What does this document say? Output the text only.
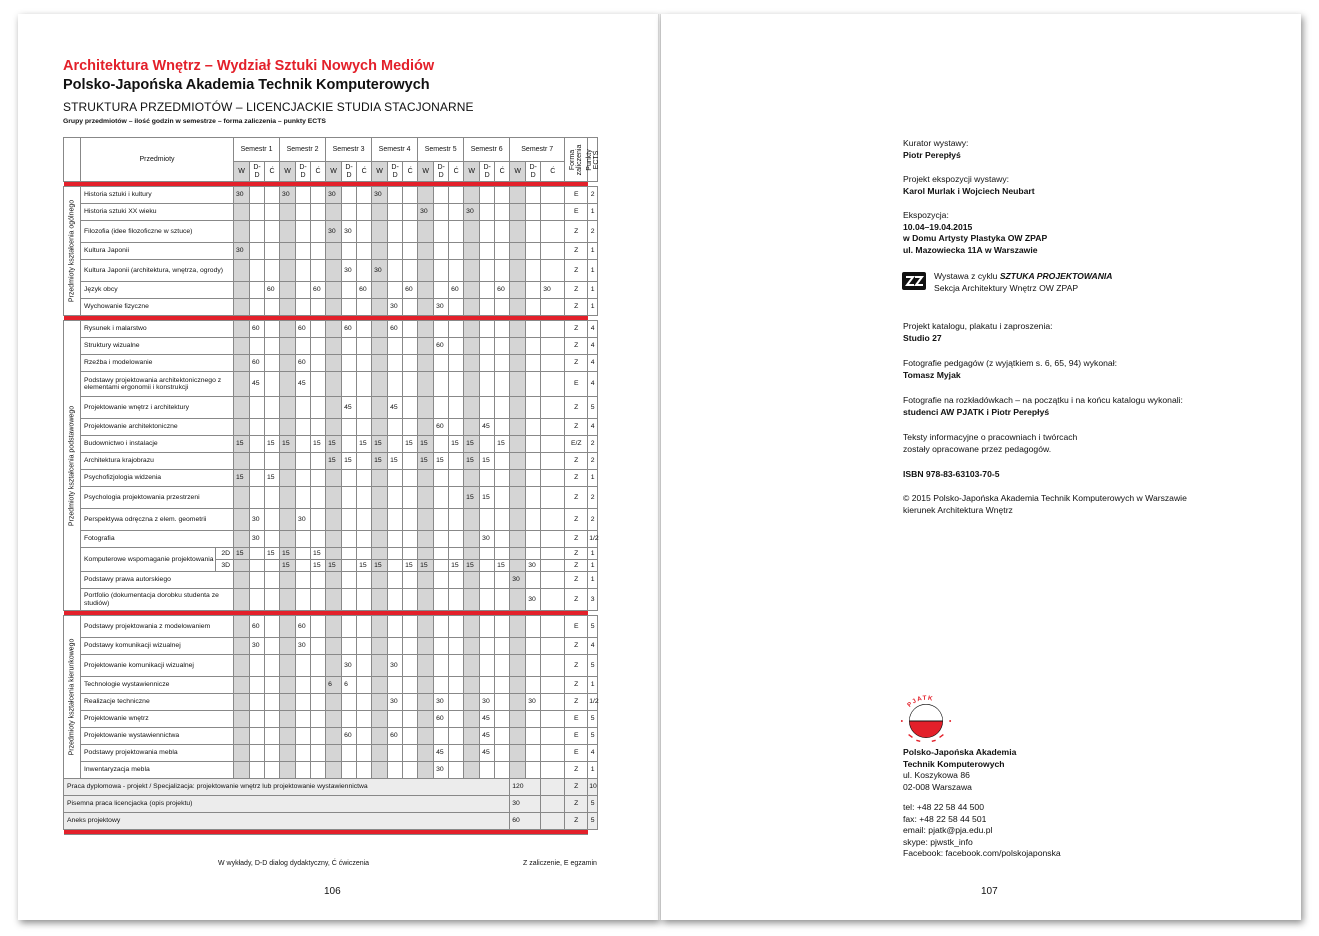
Architektura Wnętrz – Wydział Sztuki Nowych Mediów
Polsko-Japońska Akademia Technik Komputerowych
STRUKTURA PRZEDMIOTÓW – LICENCJACKIE STUDIA STACJONARNE
Grupy przedmiotów – ilość godzin w semestrze – forma zaliczenia – punkty ECTS
	Przedmioty		Semestr 1			Semestr 2			Semestr 3			Semestr 4			Semestr 5			Semestr 6			Semestr 7			Forma zaliczenia	Punkty ECTS

			W	D-D	Ć	W	D-D	Ć	W	D-D	Ć	W	D-D	Ć	W	D-D	Ć	W	D-D	Ć	W	D-D	Ć		

Przedmioty kształcenia ogólnego	Historia sztuki i kultury		30			30			30			30												E	2
	Historia sztuki XX wieku														30			30						E	1
	Filozofia (idee filozoficzne w sztuce)								30	30														Z	2
	Kultura Japonii		30																					Z	1
	Kultura Japonii (architektura, wnętrza, ogrody)									30		30												Z	1
	Język obcy				60			60			60			60			60			60			30	Z	1
	Wychowanie fizyczne												30			30								Z	1

Przedmioty kształcenia podstawowego	Rysunek i malarstwo			60			60			60			60											Z	4
	Struktury wizualne															60								Z	4
	Rzeźba i modelowanie			60			60																	Z	4
	Podstawy projektowania architektonicznego z elementami ergonomii i konstrukcji			45			45																	E	4
	Projektowanie wnętrz i architektury									45			45											Z	5
	Projektowanie architektoniczne															60			45					Z	4
	Budownictwo i instalacje		15		15	15		15	15		15	15		15	15		15	15		15				E/Z	2
	Architektura krajobrazu								15	15		15	15		15	15		15	15					Z	2
	Psychofizjologia widzenia		15		15																			Z	1
	Psychologia projektowania przestrzeni																	15	15					Z	2
	Perspektywa odręczna z elem. geometrii			30			30																	Z	2
	Fotografia			30															30					Z	1/2
	Komputerowe wspomaganie projektowania	2D	15		15	15		15																Z	1
		3D				15		15	15		15	15		15	15		15	15		15		30		Z	1
	Podstawy prawa autorskiego																				30			Z	1
	Portfolio (dokumentacja dorobku studenta ze studiów)																					30		Z	3

Przedmioty kształcenia kierunkowego	Podstawy projektowania z modelowaniem			60			60																	E	5
	Podstawy komunikacji wizualnej			30			30																	Z	4
	Projektowanie komunikacji wizualnej									30			30											Z	5
	Technologie wystawiennicze								6	6														Z	1
	Realizacje techniczne												30			30			30			30		Z	1/2
	Projektowanie wnętrz															60			45					E	5
	Projektowanie wystawiennictwa									60			60						45					E	5
	Podstawy projektowania mebla															45			45					E	4
	Inwentaryzacja mebla															30								Z	1
Praca dyplomowa - projekt / Specjalizacja: projektowanie wnętrz lub projektowanie wystawiennictwa																					120			Z	10
Pisemna praca licencjacka (opis projektu)																					30			Z	5
Aneks projektowy																					60			Z	5

W wykłady, D-D dialog dydaktyczny, Ć ćwiczenia	Z zaliczenie, E egzamin
106
Kurator wystawy:
Piotr Perepłyś
Projekt ekspozycji wystawy:
Karol Murlak i Wojciech Neubart
Ekspozycja:
10.04–19.04.2015
w Domu Artysty Plastyka OW ZPAP
ul. Mazowiecka 11A w Warszawie
Wystawa z cyklu SZTUKA PROJEKTOWANIA
Sekcja Architektury Wnętrz OW ZPAP
Projekt katalogu, plakatu i zaproszenia:
Studio 27
Fotografie pedgagów (z wyjątkiem s. 6, 65, 94) wykonał:
Tomasz Myjak
Fotografie na rozkładówkach – na początku i na końcu katalogu wykonali:
studenci AW PJATK i Piotr Perepłyś
Teksty informacyjne o pracowniach i twórcach
zostały opracowane przez pedagogów.
ISBN 978-83-63103-70-5
© 2015 Polsko-Japońska Akademia Technik Komputerowych w Warszawie
kierunek Architektura Wnętrz
PJATK
Polsko-Japońska Akademia
Technik Komputerowych
ul. Koszykowa 86
02-008 Warszawa
tel: +48 22 58 44 500
fax: +48 22 58 44 501
email: pjatk@pja.edu.pl
skype: pjwstk_info
Facebook: facebook.com/polskojaponska
107
